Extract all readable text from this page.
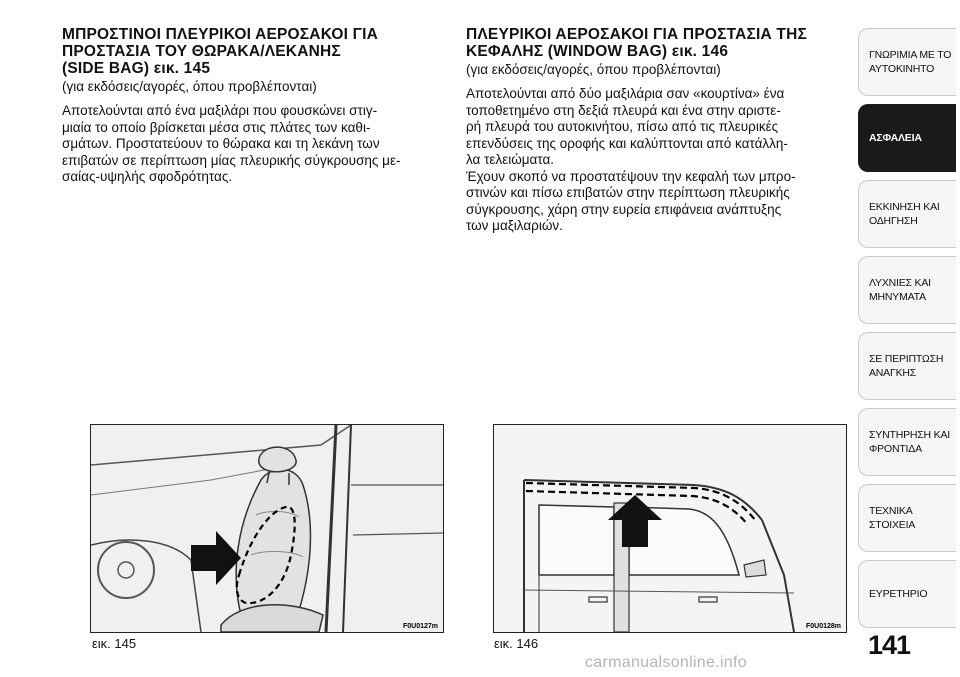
ΜΠΡΟΣΤΙΝΟΙ ΠΛΕΥΡΙΚΟΙ ΑΕΡΟΣΑΚΟΙ ΓΙΑ
ΠΡΟΣΤΑΣΙΑ ΤΟΥ ΘΩΡΑΚΑ/ΛΕΚΑΝΗΣ
(SIDE BAG) εικ. 145
(για εκδόσεις/αγορές, όπου προβλέπονται)

Αποτελούνται από ένα μαξιλάρι που φουσκώνει στιγ-
μιαία το οποίο βρίσκεται μέσα στις πλάτες των καθι-
σμάτων. Προστατεύουν το θώρακα και τη λεκάνη των
επιβατών σε περίπτωση μίας πλευρικής σύγκρουσης με-
σαίας-υψηλής σφοδρότητας.

ΠΛΕΥΡΙΚΟΙ ΑΕΡΟΣΑΚΟΙ ΓΙΑ ΠΡΟΣΤΑΣΙΑ ΤΗΣ
ΚΕΦΑΛΗΣ (WINDOW BAG) εικ. 146
(για εκδόσεις/αγορές, όπου προβλέπονται)

Αποτελούνται από δύο μαξιλάρια σαν «κουρτίνα» ένα
τοποθετημένο στη δεξιά πλευρά και ένα στην αριστε-
ρή πλευρά του αυτοκινήτου, πίσω από τις πλευρικές
επενδύσεις της οροφής και καλύπτονται από κατάλλη-
λα τελειώματα.
Έχουν σκοπό να προστατέψουν την κεφαλή των μπρο-
στινών και πίσω επιβατών στην περίπτωση πλευρικής
σύγκρουσης, χάρη στην ευρεία επιφάνεια ανάπτυξης
των μαξιλαριών.

F0U0127m
εικ. 145
F0U0128m
εικ. 146
ΓΝΩΡΙΜΙΑ ΜΕ ΤΟ
ΑΥΤΟΚΙΝΗΤΟ
ΑΣΦΑΛΕΙΑ
ΕΚΚΙΝΗΣΗ ΚΑΙ
ΟΔΗΓΗΣΗ
ΛΥΧΝΙΕΣ ΚΑΙ
ΜΗΝΥΜΑΤΑ
ΣΕ ΠΕΡΙΠΤΩΣΗ
ΑΝΑΓΚΗΣ
ΣΥΝΤΗΡΗΣΗ ΚΑΙ
ΦΡΟΝΤΙΔΑ
ΤΕΧΝΙΚΑ ΣΤΟΙΧΕΙΑ
ΕΥΡΕΤΗΡΙΟ
141
carmanualsonline.info
